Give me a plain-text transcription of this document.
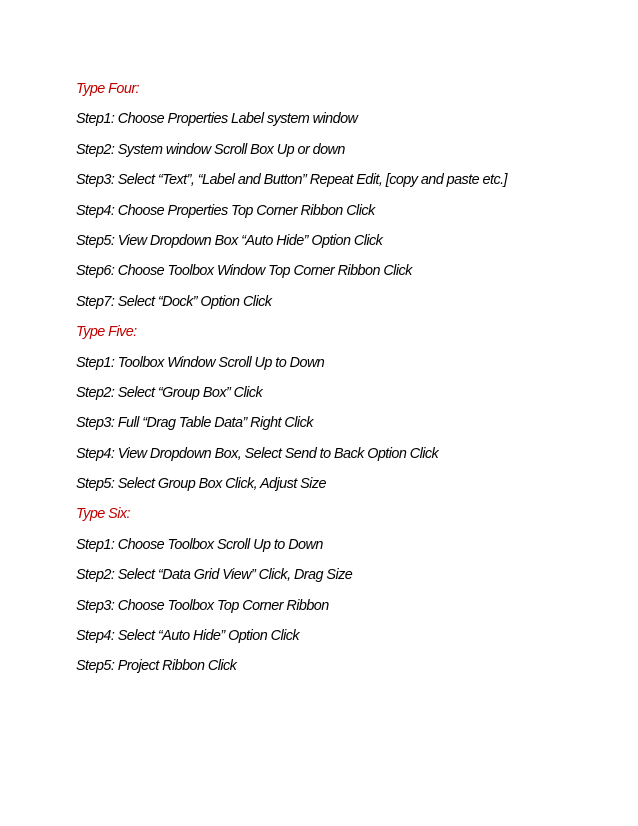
Type Four:
Step1: Choose Properties Label system window
Step2: System window Scroll Box Up or down
Step3: Select “Text”, “Label and Button” Repeat Edit, [copy and paste etc.]
Step4: Choose Properties Top Corner Ribbon Click
Step5: View Dropdown Box “Auto Hide” Option Click
Step6: Choose Toolbox Window Top Corner Ribbon Click
Step7: Select “Dock” Option Click
Type Five:
Step1: Toolbox Window Scroll Up to Down
Step2: Select “Group Box” Click
Step3: Full “Drag Table Data” Right Click
Step4: View Dropdown Box, Select Send to Back Option Click
Step5: Select Group Box Click, Adjust Size
Type Six:
Step1: Choose Toolbox Scroll Up to Down
Step2: Select “Data Grid View” Click, Drag Size
Step3: Choose Toolbox Top Corner Ribbon
Step4: Select “Auto Hide” Option Click
Step5: Project Ribbon Click
